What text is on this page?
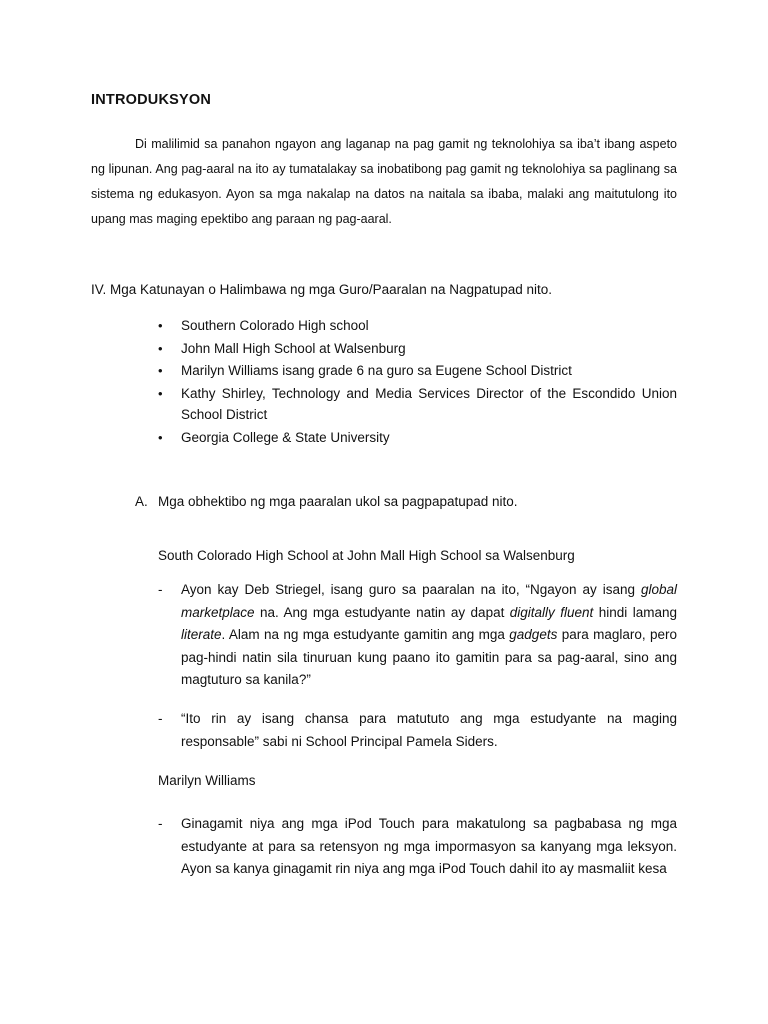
INTRODUKSYON

Di malilimid sa panahon ngayon ang laganap na pag gamit ng teknolohiya sa iba’t ibang aspeto ng lipunan. Ang pag-aaral na ito ay tumatalakay sa inobatibong pag gamit ng teknolohiya sa paglinang sa sistema ng edukasyon. Ayon sa mga nakalap na datos na naitala sa ibaba, malaki ang maitutulong ito upang mas maging epektibo ang paraan ng pag-aaral.

IV. Mga Katunayan o Halimbawa ng mga Guro/Paaralan na Nagpatupad nito.
• Southern Colorado High school
• John Mall High School at Walsenburg
• Marilyn Williams isang grade 6 na guro sa Eugene School District
• Kathy Shirley, Technology and Media Services Director of the Escondido Union School District
• Georgia College & State University
A. Mga obhektibo ng mga paaralan ukol sa pagpapatupad nito.
South Colorado High School at John Mall High School sa Walsenburg
- Ayon kay Deb Striegel, isang guro sa paaralan na ito, “Ngayon ay isang global marketplace na. Ang mga estudyante natin ay dapat digitally fluent hindi lamang literate. Alam na ng mga estudyante gamitin ang mga gadgets para maglaro, pero pag-hindi natin sila tinuruan kung paano ito gamitin para sa pag-aaral, sino ang magtuturo sa kanila?”
- “Ito rin ay isang chansa para matututo ang mga estudyante na maging responsable” sabi ni School Principal Pamela Siders.
Marilyn Williams
- Ginagamit niya ang mga iPod Touch para makatulong sa pagbabasa ng mga estudyante at para sa retensyon ng mga impormasyon sa kanyang mga leksyon. Ayon sa kanya ginagamit rin niya ang mga iPod Touch dahil ito ay masmaliit kesa
